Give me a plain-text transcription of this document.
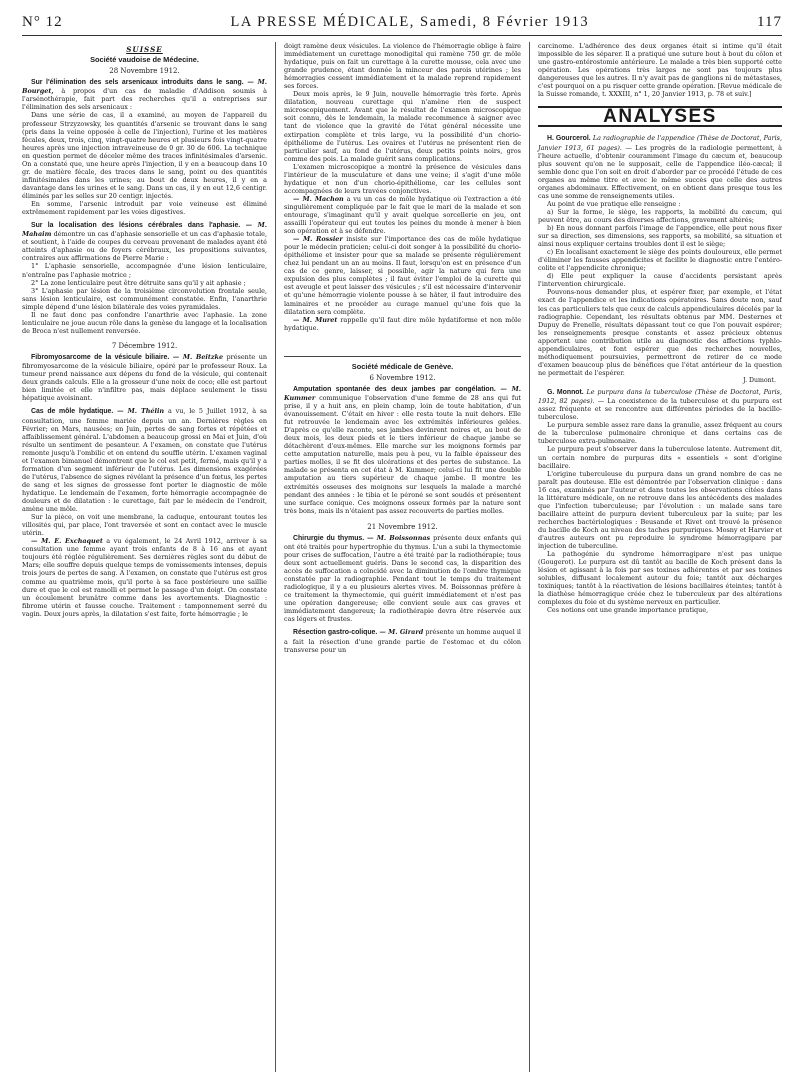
N° 12	LA PRESSE MÉDICALE, Samedi, 8 Février 1913	117
SUISSE
Société vaudoise de Médecine.
28 Novembre 1912.

Sur l'élimination des sels arsenicaux introduits dans le sang. — M. Bourget, à propos d'un cas de maladie d'Addison soumis à l'arsénothérapie, fait part des recherches qu'il a entreprises sur l'élimination des sels arsenicaux :

Dans une série de cas, il a examiné, au moyen de l'appareil du professeur Strzyzowsky, les quantités d'arsenic se trouvant dans le sang (pris dans la veine opposée à celle de l'injection), l'urine et les matières fécales, deux, trois, cinq, vingt-quatre heures et plusieurs fois vingt-quatre heures après une injection intraveineuse de 0 gr. 30 de 606. La technique en question permet de déceler même des traces infinitésimales d'arsenic. On a constaté que, une heure après l'injection, il y en a beaucoup dans 10 gr. de matière fécale, des traces dans le sang, point ou des quantités infinitésimales dans les urines; au bout de deux heures, il y en a davantage dans les urines et le sang. Dans un cas, il y en eut 12,6 centigr. éliminés par les selles sur 20 centigr. injectés.

En somme, l'arsenic introduit par voie veineuse est éliminé extrêmement rapidement par les voies digestives.

Sur la localisation des lésions cérébrales dans l'aphasie. — M. Mahaim démontre un cas d'aphasie sensorielle et un cas d'aphasie totale, et soutient, à l'aide de coupes du cerveau provenant de malades ayant été atteints d'aphasie ou de foyers cérébraux, les propositions suivantes, contraires aux affirmations de Pierre Marie :

1° L'aphasie sensorielle, accompagnée d'une lésion lenticulaire, n'entraîne pas l'aphasie motrice ;

2° La zone lenticulaire peut être détruite sans qu'il y ait aphasie ;

3° L'aphasie par lésion de la troisième circonvolution frontale seule, sans lésion lenticulaire, est communément constatée. Enfin, l'anarthrie simple dépend d'une lésion bilatérale des voies pyramidales.

Il ne faut donc pas confondre l'anarthrie avec l'aphasie. La zone lenticulaire ne joue aucun rôle dans la genèse du langage et la localisation de Broca n'est nullement renversée.

7 Décembre 1912.

Fibromyosarcome de la vésicule biliaire. — M. Beitzke présente un fibromyosarcome de la vésicule biliaire, opéré par le professeur Roux. La tumeur prend naissance aux dépens du fond de la vésicule, qui contenait deux grands calculs. Elle a la grosseur d'une noix de coco; elle est partout bien limitée et elle n'infiltre pas, mais déplace seulement le tissu hépatique avoisinant.

Cas de môle hydatique. — M. Thélin a vu, le 5 Juillet 1912, à sa consultation, une femme mariée depuis un an. Dernières règles en Février; en Mars, nausées; en Juin, pertes de sang fortes et répétées et affaiblissement général. L'abdomen a beaucoup grossi en Mai et Juin, d'où résulte un sentiment de pesanteur. A l'examen, on constate que l'utérus remonte jusqu'à l'ombilic et on entend du souffle utérin. L'examen vaginal et l'examen bimanuel démontrent que le col est petit, fermé, mais qu'il y a formation d'un segment inférieur de l'utérus. Les dimensions exagérées de l'utérus, l'absence de signes révélant la présence d'un fœtus, les pertes de sang et les signes de grossesse font porter le diagnostic de môle hydatique. Le lendemain de l'examen, forte hémorragie accompagnée de douleurs et de dilatation : le curettage, fait par le médecin de l'endroit, amène une môle.

Sur la pièce, on voit une membrane, la caduque, entourant toutes les villosités qui, par place, l'ont traversée et sont en contact avec le muscle utérin.

— M. E. Exchaquet a vu également, le 24 Avril 1912, arriver à sa consultation une femme ayant trois enfants de 8 à 16 ans et ayant toujours été réglée régulièrement. Ses dernières règles sont du début de Mars; elle souffre depuis quelque temps de vomissements intenses, depuis trois jours de pertes de sang. A l'examen, on constate que l'utérus est gros comme au quatrième mois, qu'il porte à sa face postérieure une saillie dure et que le col est ramolli et permet le passage d'un doigt. On constate un écoulement brunâtre comme dans les avortements. Diagnostic : fibrome utérin et fausse couche. Traitement : tamponnement serré du vagin. Deux jours après, la dilatation s'est faite, forte hémorragie ; le

doigt ramène deux vésicules. La violence de l'hémorragie oblige à faire immédiatement un curettage monodigital qui ramène 750 gr. de môle hydatique, puis on fait un curettage à la curette mousse, cela avec une grande prudence, étant donnée la minceur des parois utérines ; les hémorragies cessent immédiatement et la malade reprend rapidement ses forces.

Deux mois après, le 9 Juin, nouvelle hémorragie très forte. Après dilatation, nouveau curettage qui n'amène rien de suspect microscopiquement. Avant que le résultat de l'examen microscopique soit connu, dès le lendemain, la malade recommence à saigner avec tant de violence que la gravité de l'état général nécessite une extirpation complète et très large, vu la possibilité d'un chorio-épithéliome de l'utérus. Les ovaires et l'utérus ne présentent rien de particulier sauf, au fond de l'utérus, deux petits points noirs, gros comme des pois. La malade guérit sans complications.

L'examen microscopique a montré la présence de vésicules dans l'intérieur de la musculature et dans une veine; il s'agit d'une môle hydatique et non d'un chorio-épithéliome, car les cellules sont accompagnées de leurs travées conjonctives.

— M. Machon a vu un cas de môle hydatique où l'extraction a été singulièrement compliquée par le fait que le mari de la malade et son entourage, s'imaginant qu'il y avait quelque sorcellerie en jeu, ont assailli l'opérateur qui eut toutes les peines du monde à mener à bien son opération et à se défendre.

— M. Rossier insiste sur l'importance des cas de môle hydatique pour le médecin praticien; celui-ci doit songer à la possibilité du chorio-épithéliome et insister pour que sa malade se présente régulièrement chez lui pendant un an au moins. Il faut, lorsqu'on est en présence d'un cas de ce genre, laisser, si possible, agir la nature qui fera une expulsion des plus complètes ; il faut éviter l'emploi de la curette qui est aveugle et peut laisser des vésicules ; s'il est nécessaire d'intervenir et qu'une hémorragie violente pousse à se hâter, il faut introduire des laminaires et ne procéder au curage manuel qu'une fois que la dilatation sera complète.

— M. Muret rappelle qu'il faut dire môle hydatiforme et non môle hydatique.

Société médicale de Genève.
6 Novembre 1912.

Amputation spontanée des deux jambes par congélation. — M. Kummer communique l'observation d'une femme de 28 ans qui fut prise, il y a huit ans, en plein champ, loin de toute habitation, d'un évanouissement. C'était en hiver : elle resta toute la nuit dehors. Elle fut retrouvée le lendemain avec les extrémités inférieures gelées. D'après ce qu'elle raconte, ses jambes devinrent noires et, au bout de deux mois, les deux pieds et le tiers inférieur de chaque jambe se détachèrent d'eux-mêmes. Elle marche sur les moignons formés par cette amputation naturelle, mais peu à peu, vu la faible épaisseur des parties molles, il se fit des ulcérations et des pertes de substance. La malade se présenta en cet état à M. Kummer; celui-ci lui fit une double amputation au tiers supérieur de chaque jambe. Il montre les extrémités osseuses des moignons sur lesquels la malade a marché pendant des années : le tibia et le péroné se sont soudés et présentent une surface conique. Ces moignons osseux formés par la nature sont très bons, mais ils n'étaient pas assez recouverts de parties molles.

21 Novembre 1912.

Chirurgie du thymus. — M. Boissonnas présente deux enfants qui ont été traités pour hypertrophie du thymus. L'un a subi la thymectomie pour crises de suffocation, l'autre a été traité par la radiothérapie; tous deux sont actuellement guéris. Dans le second cas, la disparition des accès de suffocation a coïncidé avec la diminution de l'ombre thymique constatée par la radiographie. Pendant tout le temps du traitement radiologique, il y a eu plusieurs alertes vives. M. Boissonnas préfère à ce traitement la thymectomie, qui guérit immédiatement et n'est pas une opération dangereuse; elle convient seule aux cas graves et immédiatement dangereux; la radiothérapie devra être réservée aux cas légers et frustes.

Résection gastro-colique. — M. Girard présente un homme auquel il a fait la résection d'une grande partie de l'estomac et du côlon transverse pour un

carcinome. L'adhérence des deux organes était si intime qu'il était impossible de les séparer. Il a pratiqué une suture bout à bout du côlon et une gastro-entérostomie antérieure. Le malade a très bien supporté cette opération. Les opérations très larges ne sont pas toujours plus dangereuses que les autres. Il n'y avait pas de ganglions ni de métastases, c'est pourquoi on a pu risquer cette grande opération. [Revue médicale de la Suisse romande, t. XXXIII, n° 1, 20 Janvier 1913, p. 78 et suiv.]

ANALYSES

H. Gourcerol. La radiographie de l'appendice (Thèse de Doctorat, Paris, Janvier 1913, 61 pages). — Les progrès de la radiologie permettent, à l'heure actuelle, d'obtenir couramment l'image du cæcum et, beaucoup plus souvent qu'on ne le supposait, celle de l'appendice iléo-cæcal; il semble donc que l'on soit en droit d'aborder par ce procédé l'étude de ces organes au même titre et avec le même succès que celle des autres organes abdominaux. Effectivement, on en obtient dans presque tous les cas une somme de renseignements utiles.

Au point de vue pratique elle renseigne :

a) Sur la forme, le siège, les rapports, la mobilité du cæcum, qui peuvent être, au cours des diverses affections, gravement altérés;

b) En nous donnant parfois l'image de l'appendice, elle peut nous fixer sur sa direction, ses dimensions, ses rapports, sa mobilité, sa situation et ainsi nous expliquer certains troubles dont il est le siège;

c) En localisant exactement le siège des points douloureux, elle permet d'éliminer les fausses appendicites et facilite le diagnostic entre l'entéro-colite et l'appendicite chronique;

d) Elle peut expliquer la cause d'accidents persistant après l'intervention chirurgicale.

Pouvons-nous demander plus, et espérer fixer, par exemple, et l'état exact de l'appendice et les indications opératoires. Sans doute non, sauf les cas particuliers tels que ceux de calculs appendiculaires décelés par la radiographie. Cependant, les résultats obtenus par MM. Desternes et Dupuy de Frenelle, résultats dépassant tout ce que l'on pouvait espérer; les renseignements presque constants et assez précieux obtenus apportent une contribution utile au diagnostic des affections typhlo-appendiculaires, et font espérer que des recherches nouvelles, méthodiquement poursuivies, permettront de retirer de ce mode d'examen beaucoup plus de bénéfices que l'état antérieur de la question ne permettait de l'espérer.

J. Dumont.

G. Monnot. Le purpura dans la tuberculose (Thèse de Doctorat, Paris, 1912, 82 pages). — La coexistence de la tuberculose et du purpura est assez fréquente et se rencontre aux différentes périodes de la bacillo-tuberculose.

Le purpura semble assez rare dans la granulie, assez fréquent au cours de la tuberculose pulmonaire chronique et dans certains cas de tuberculose extra-pulmonaire.

Le purpura peut s'observer dans la tuberculose latente. Autrement dit, un certain nombre de purpuras dits « essentiels » sont d'origine bacillaire.

L'origine tuberculeuse du purpura dans un grand nombre de cas ne paraît pas douteuse. Elle est démontrée par l'observation clinique : dans 16 cas, examinés par l'auteur et dans toutes les observations citées dans la littérature médicale, on ne retrouve dans les antécédents des malades que l'infection tuberculeuse; par l'évolution : un malade sans tare bacillaire atteint de purpura devient tuberculeux par la suite; par les recherches bactériologiques : Beusande et Rivet ont trouvé la présence du bacille de Koch au niveau des taches purpuriques. Mosny et Harvier et d'autres auteurs ont pu reproduire le syndrome hémorragipare par injection de tuberculine.

La pathogénie du syndrome hémorragipare n'est pas unique (Gougerot). Le purpura est dû tantôt au bacille de Koch présent dans la lésion et agissant à la fois par ses toxines adhérentes et par ses toxines solubles, diffusant localement autour du foie; tantôt aux décharges toxiniques; tantôt à la réactivation de lésions bacillaires éteintes; tantôt à la diathèse hémorragique créée chez le tuberculeux par des altérations complexes du foie et du système nerveux en particulier.

Ces notions ont une grande importance pratique,
